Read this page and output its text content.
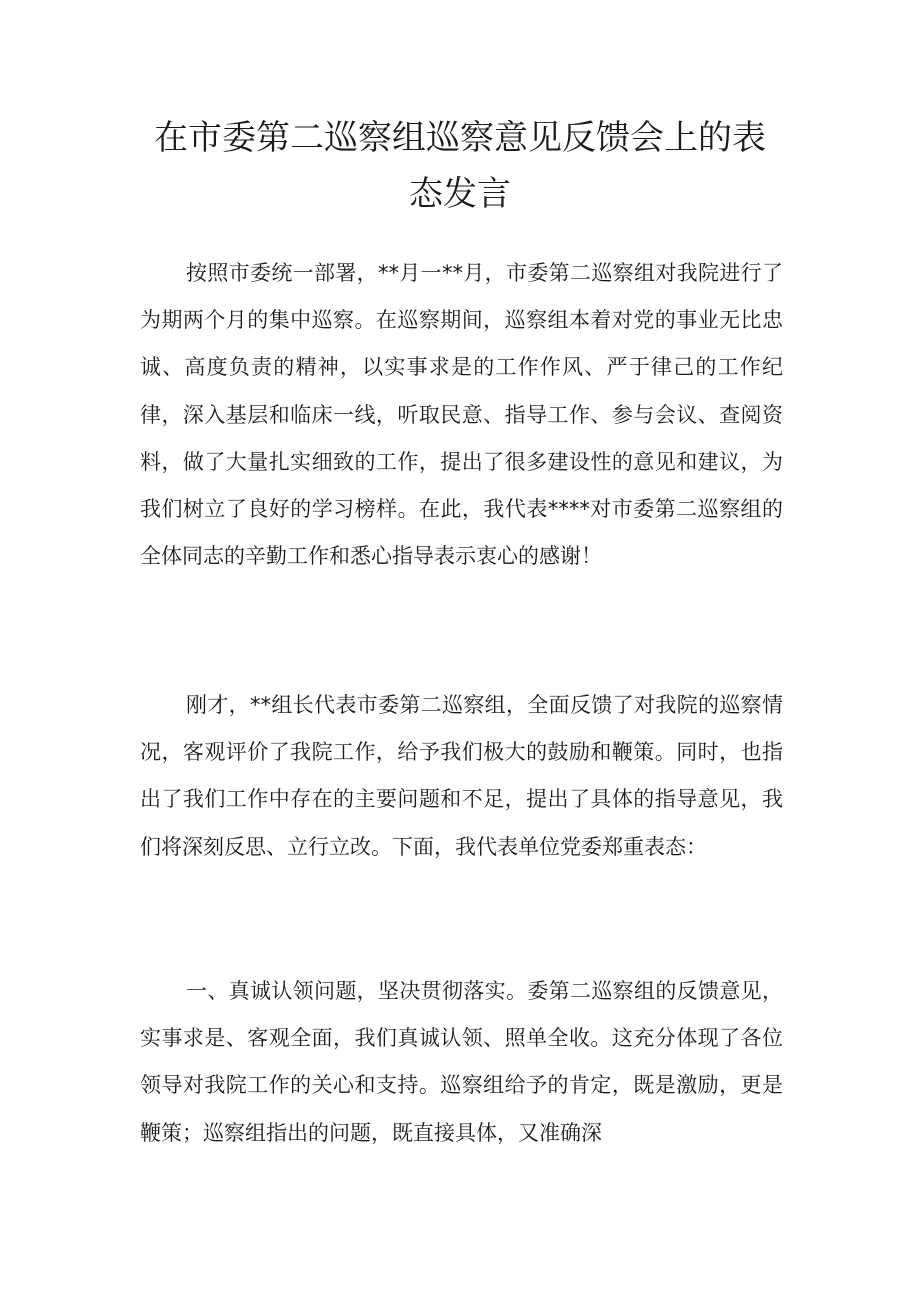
在市委第二巡察组巡察意见反馈会上的表态发言

按照市委统一部署，**月一**月，市委第二巡察组对我院进行了为期两个月的集中巡察。在巡察期间，巡察组本着对党的事业无比忠诚、高度负责的精神，以实事求是的工作作风、严于律己的工作纪律，深入基层和临床一线，听取民意、指导工作、参与会议、查阅资料，做了大量扎实细致的工作，提出了很多建设性的意见和建议，为我们树立了良好的学习榜样。在此，我代表****对市委第二巡察组的全体同志的辛勤工作和悉心指导表示衷心的感谢！

刚才，**组长代表市委第二巡察组，全面反馈了对我院的巡察情况，客观评价了我院工作，给予我们极大的鼓励和鞭策。同时，也指出了我们工作中存在的主要问题和不足，提出了具体的指导意见，我们将深刻反思、立行立改。下面，我代表单位党委郑重表态：

一、真诚认领问题，坚决贯彻落实。委第二巡察组的反馈意见，实事求是、客观全面，我们真诚认领、照单全收。这充分体现了各位领导对我院工作的关心和支持。巡察组给予的肯定，既是激励，更是鞭策；巡察组指出的问题，既直接具体，又准确深
